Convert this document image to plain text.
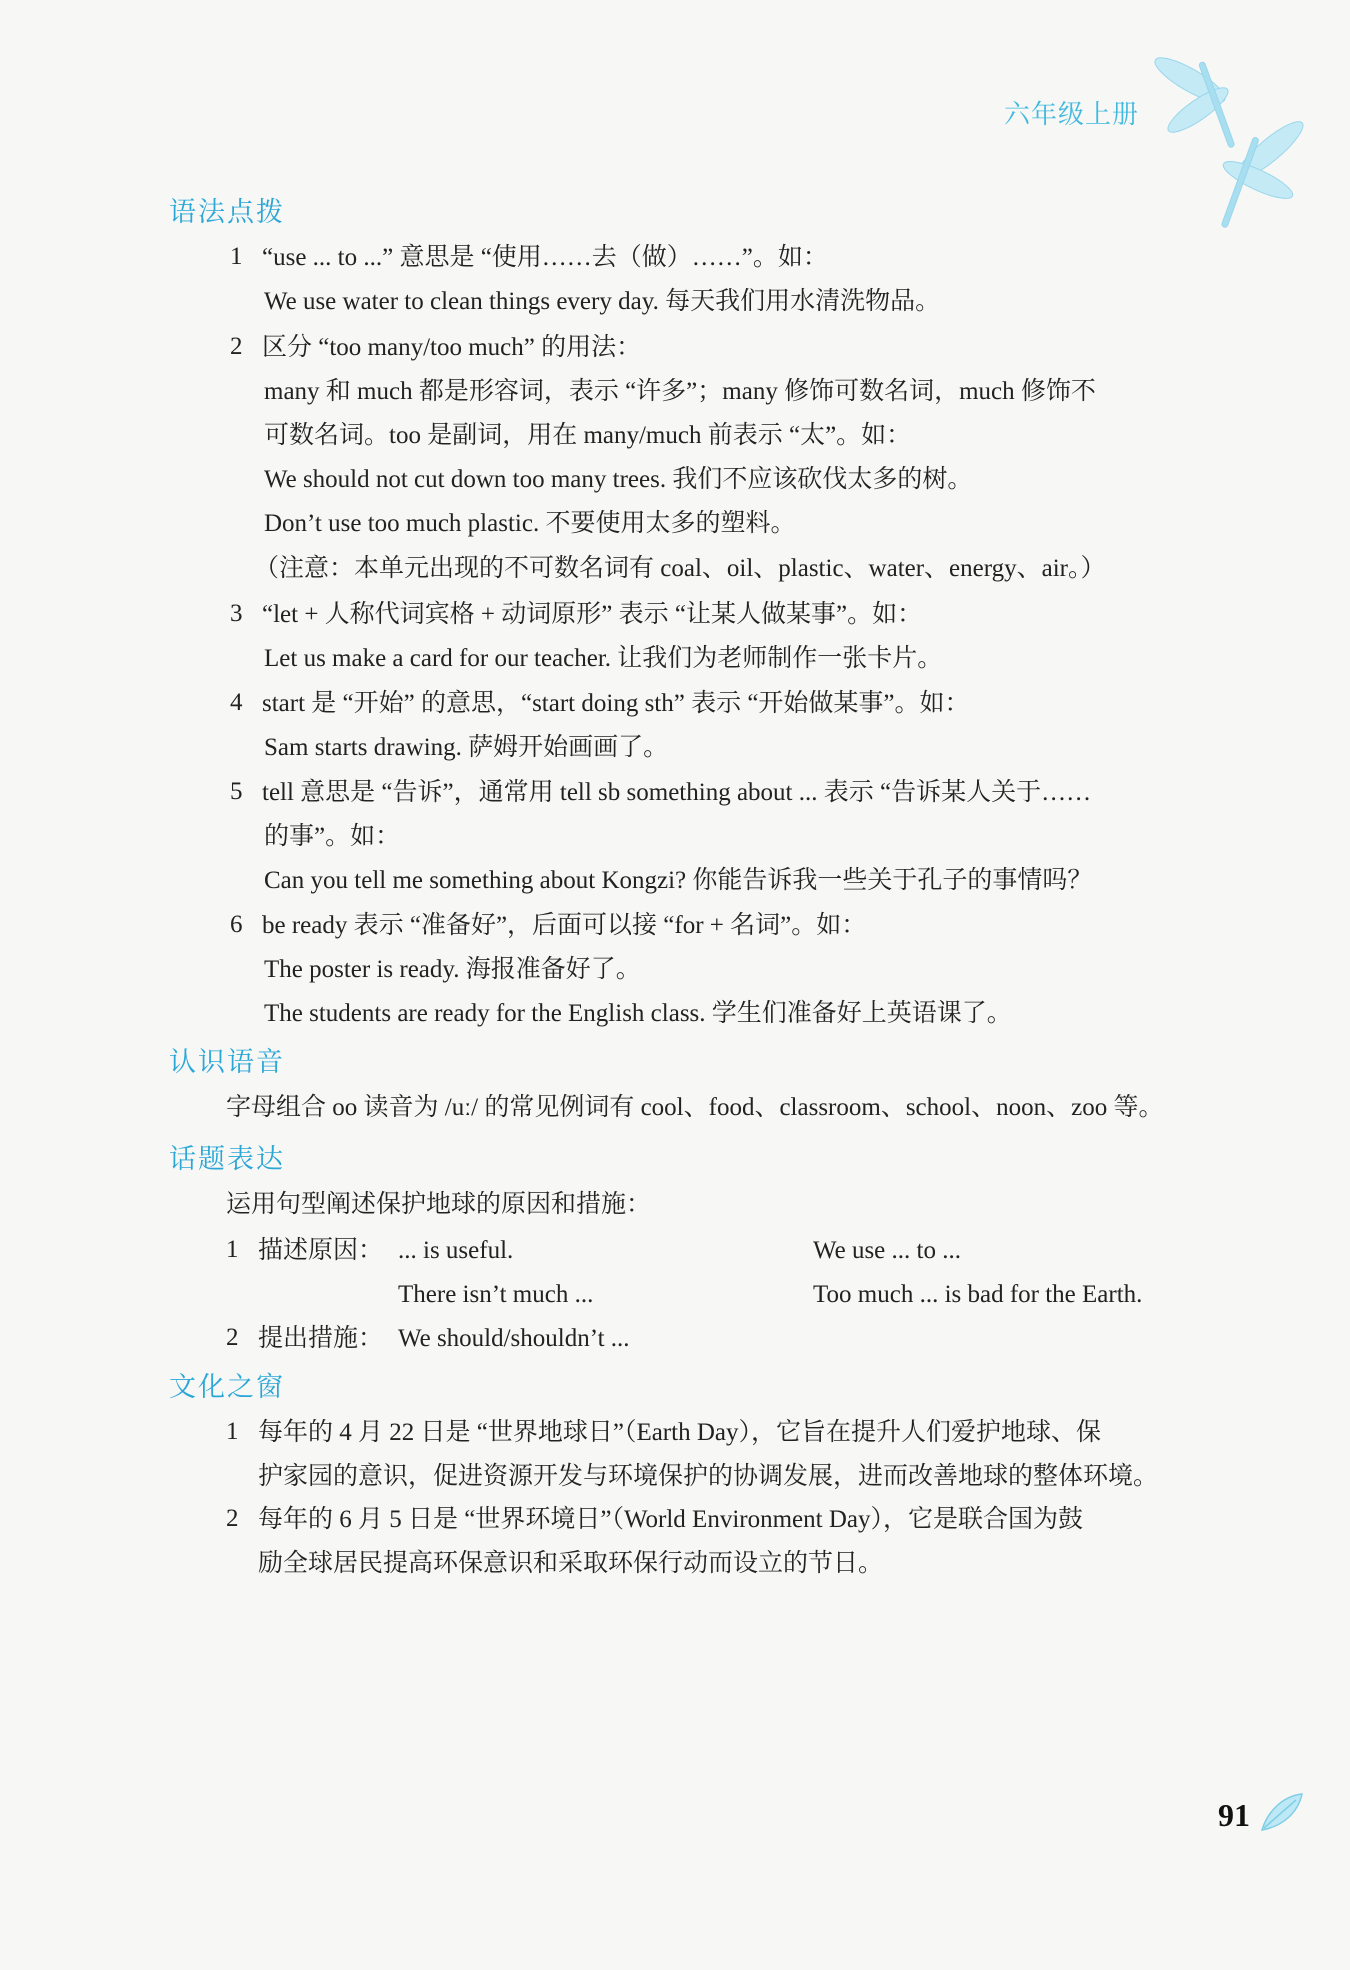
六年级上册
语法点拨
1 “use ... to ...” 意思是 “使用……去（做）……”。如：
We use water to clean things every day. 每天我们用水清洗物品。
2 区分 “too many/too much” 的用法：
many 和 much 都是形容词，表示 “许多”；many 修饰可数名词，much 修饰不
可数名词。too 是副词，用在 many/much 前表示 “太”。如：
We should not cut down too many trees. 我们不应该砍伐太多的树。
Don’t use too much plastic. 不要使用太多的塑料。
（注意：本单元出现的不可数名词有 coal、oil、plastic、water、energy、air。）
3 “let + 人称代词宾格 + 动词原形” 表示 “让某人做某事”。如：
Let us make a card for our teacher. 让我们为老师制作一张卡片。
4 start 是 “开始” 的意思，“start doing sth” 表示 “开始做某事”。如：
Sam starts drawing. 萨姆开始画画了。
5 tell 意思是 “告诉”，通常用 tell sb something about ... 表示 “告诉某人关于……
的事”。如：
Can you tell me something about Kongzi? 你能告诉我一些关于孔子的事情吗？
6 be ready 表示 “准备好”，后面可以接 “for + 名词”。如：
The poster is ready. 海报准备好了。
The students are ready for the English class. 学生们准备好上英语课了。
认识语音
字母组合 oo 读音为 /uː/ 的常见例词有 cool、food、classroom、school、noon、zoo 等。
话题表达
运用句型阐述保护地球的原因和措施：
1 描述原因： ... is useful.	We use ... to ...
There isn’t much ...	Too much ... is bad for the Earth.
2 提出措施： We should/shouldn’t ...
文化之窗
1 每年的 4 月 22 日是 “世界地球日”（Earth Day），它旨在提升人们爱护地球、保
护家园的意识，促进资源开发与环境保护的协调发展，进而改善地球的整体环境。
2 每年的 6 月 5 日是 “世界环境日”（World Environment Day），它是联合国为鼓
励全球居民提高环保意识和采取环保行动而设立的节日。
91
